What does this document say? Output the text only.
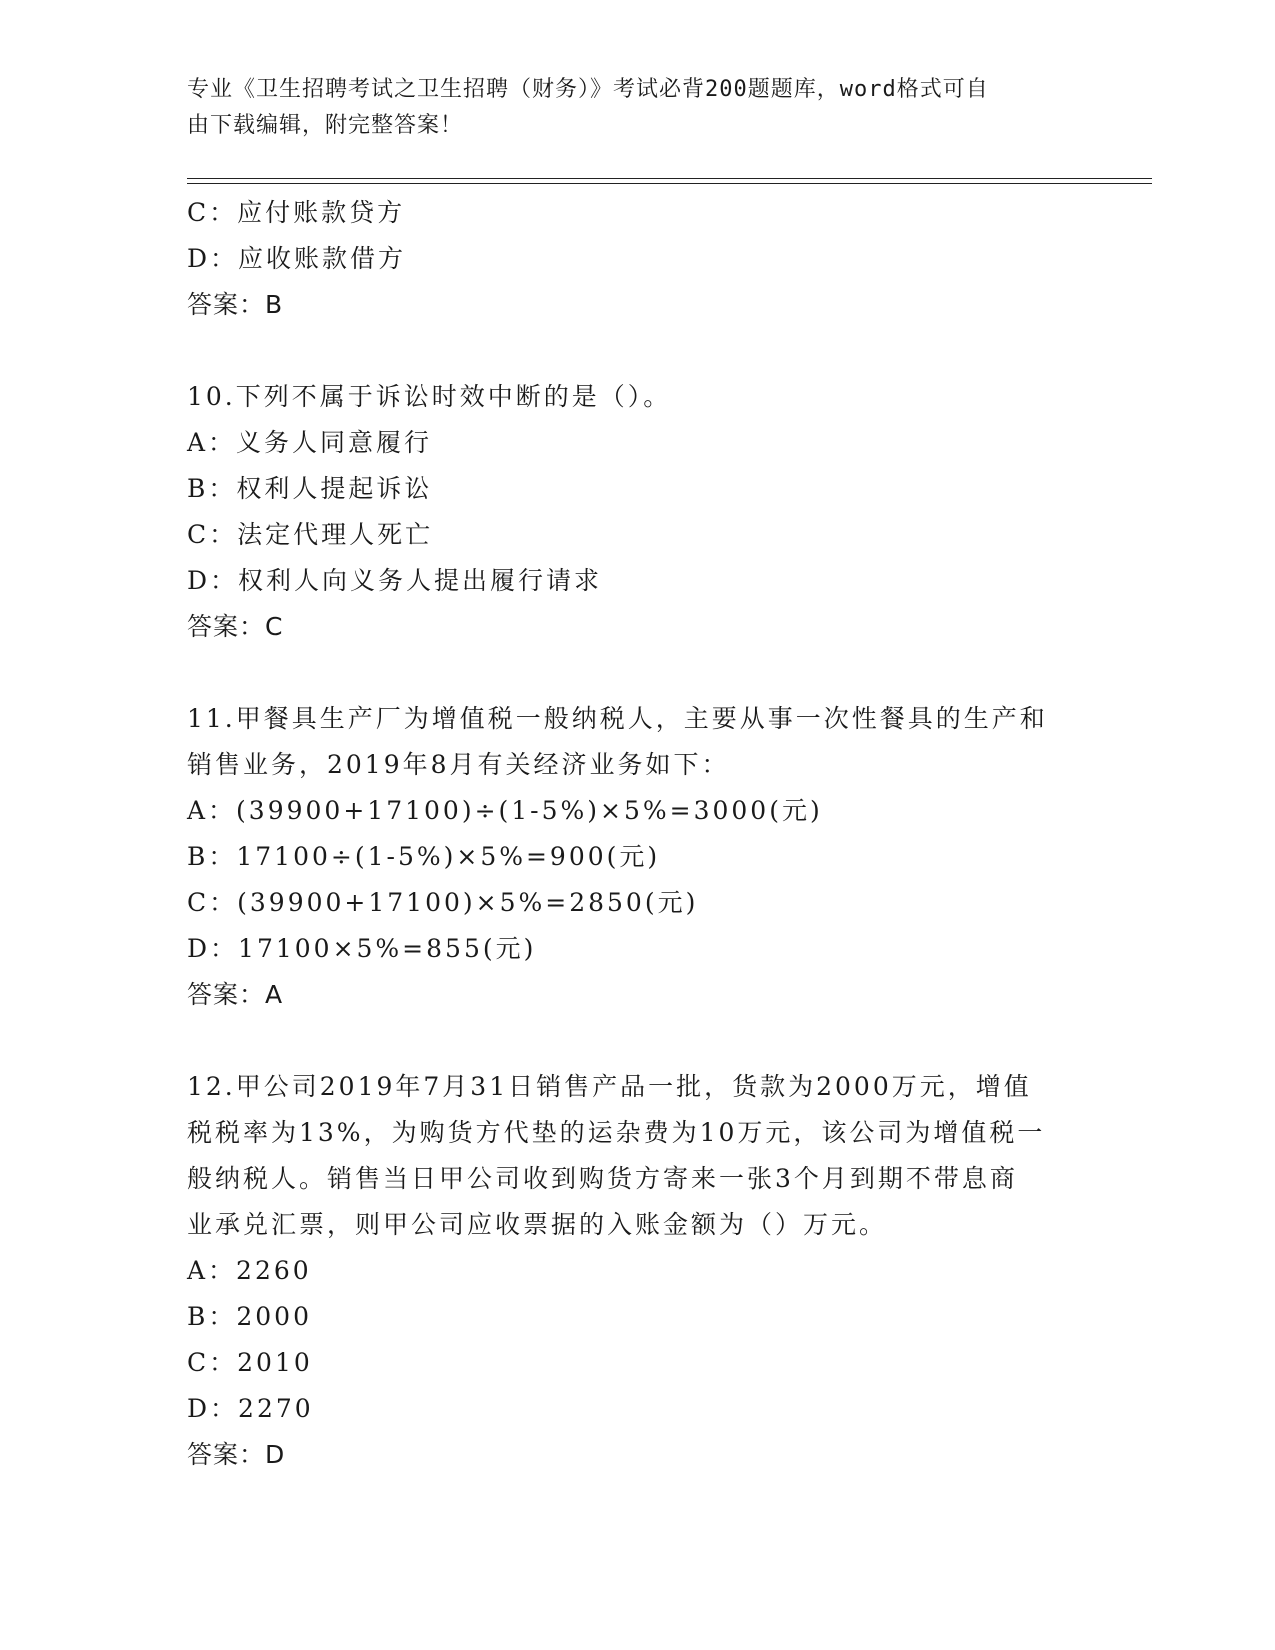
专业《卫生招聘考试之卫生招聘（财务）》考试必背200题题库，word格式可自
由下载编辑，附完整答案！
C：应付账款贷方
D：应收账款借方
答案：B
10.下列不属于诉讼时效中断的是（）。
A：义务人同意履行
B：权利人提起诉讼
C：法定代理人死亡
D：权利人向义务人提出履行请求
答案：C
11.甲餐具生产厂为增值税一般纳税人，主要从事一次性餐具的生产和
销售业务，2019年8月有关经济业务如下：
A：(39900+17100)÷(1-5%)×5%=3000(元)
B：17100÷(1-5%)×5%=900(元)
C：(39900+17100)×5%=2850(元)
D：17100×5%=855(元)
答案：A
12.甲公司2019年7月31日销售产品一批，货款为2000万元，增值
税税率为13%，为购货方代垫的运杂费为10万元，该公司为增值税一
般纳税人。销售当日甲公司收到购货方寄来一张3个月到期不带息商
业承兑汇票，则甲公司应收票据的入账金额为（）万元。
A：2260
B：2000
C：2010
D：2270
答案：D
